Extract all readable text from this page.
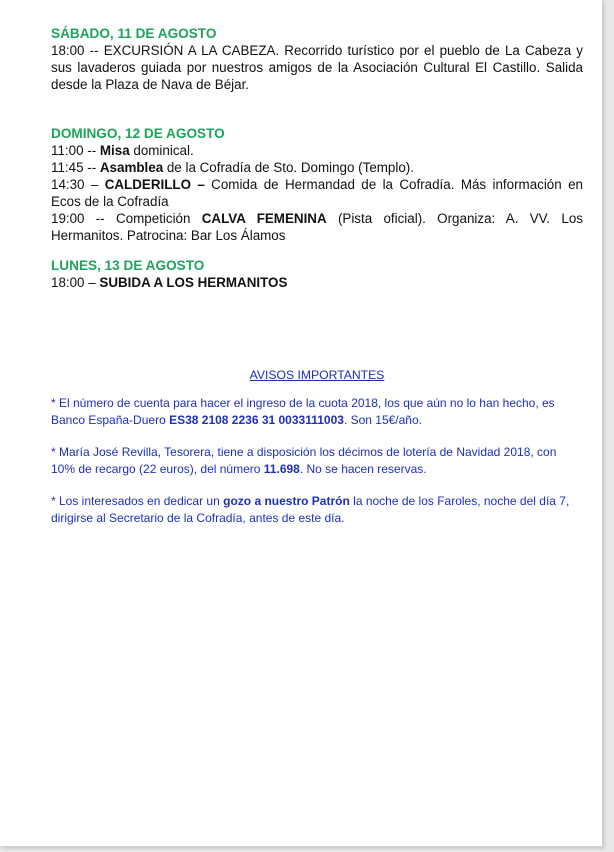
SÁBADO, 11 DE AGOSTO

18:00 -- EXCURSIÓN A LA CABEZA. Recorrido turístico por el pueblo de La Cabeza y sus lavaderos guiada por nuestros amigos de la Asociación Cultural El Castillo. Salida desde la Plaza de Nava de Béjar.

DOMINGO, 12 DE AGOSTO

11:00 -- Misa dominical.

11:45 -- Asamblea de la Cofradía de Sto. Domingo (Templo).

14:30 – CALDERILLO – Comida de Hermandad de la Cofradía. Más información en Ecos de la Cofradía

19:00 -- Competición CALVA FEMENINA (Pista oficial). Organiza: A. VV. Los Hermanitos. Patrocina: Bar Los Álamos

LUNES, 13 DE AGOSTO

18:00 – SUBIDA A LOS HERMANITOS

AVISOS IMPORTANTES

* El número de cuenta para hacer el ingreso de la cuota 2018, los que aún no lo han hecho, es Banco España-Duero ES38 2108 2236 31 0033111003. Son 15€/año.

* María José Revilla, Tesorera, tiene a disposición los décimos de lotería de Navidad 2018, con 10% de recargo (22 euros), del número 11.698. No se hacen reservas.

* Los interesados en dedicar un gozo a nuestro Patrón la noche de los Faroles, noche del día 7, dirigirse al Secretario de la Cofradía, antes de este día.
